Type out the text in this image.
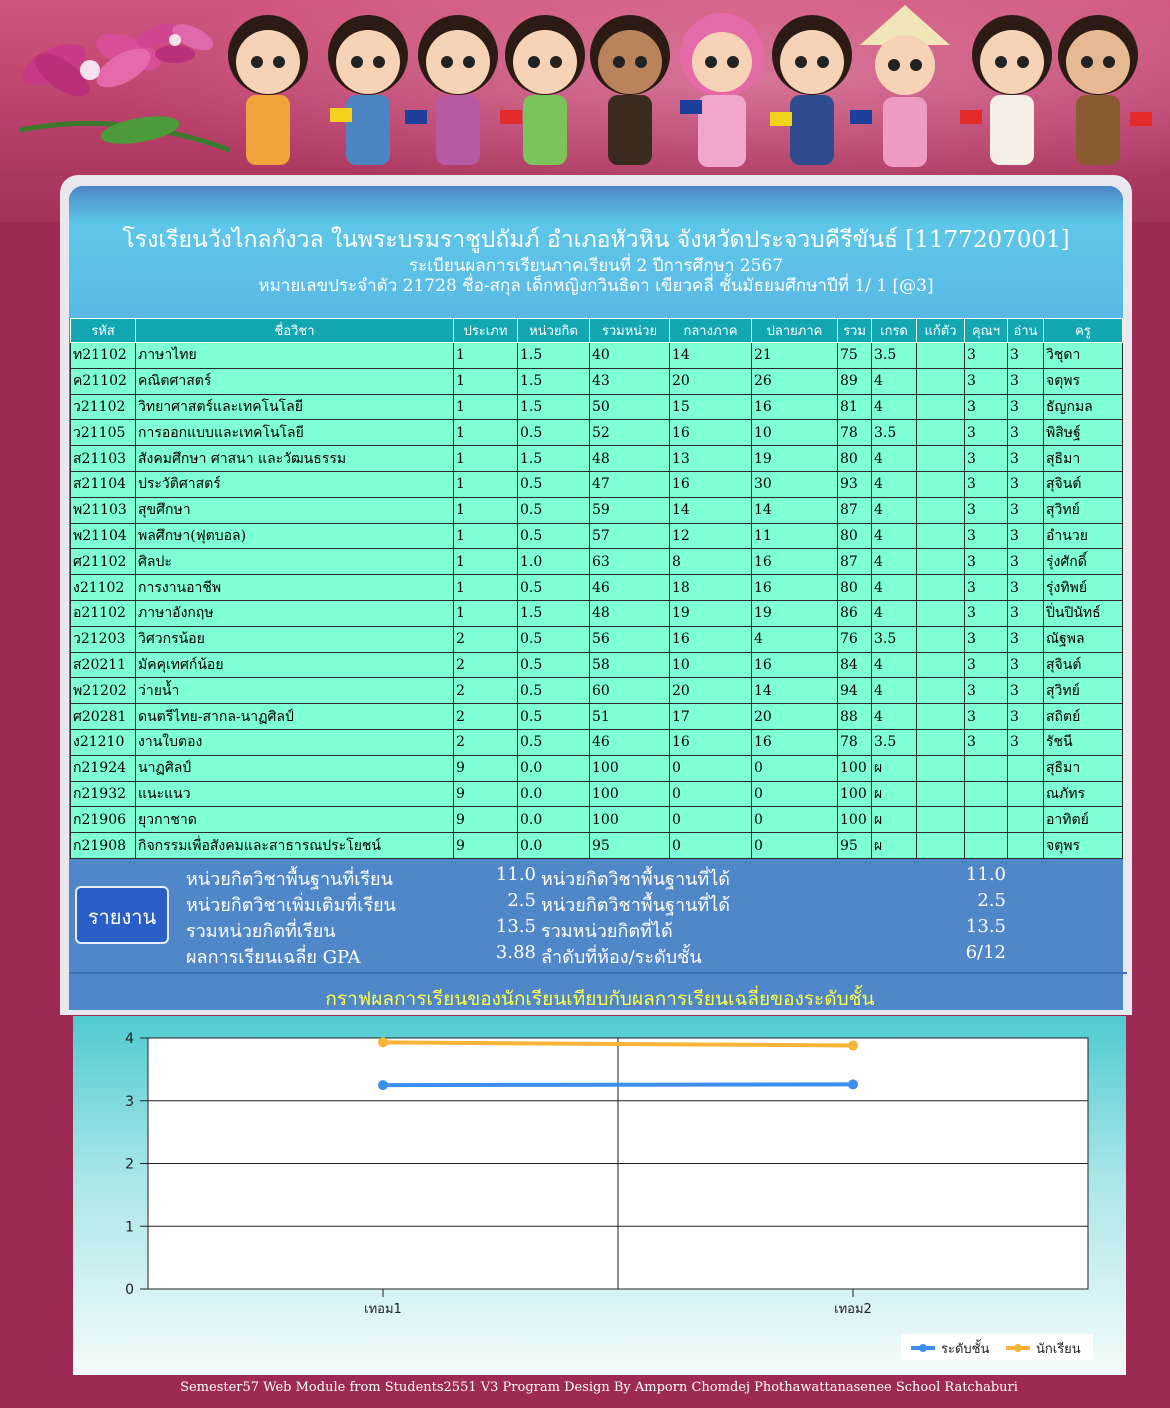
โรงเรียนวังไกลกังวล ในพระบรมราชูปถัมภ์ อำเภอหัวหิน จังหวัดประจวบคีรีขันธ์ [1177207001]
ระเบียนผลการเรียนภาคเรียนที่ 2 ปีการศึกษา 2567
หมายเลขประจำตัว 21728 ชื่อ-สกุล เด็กหญิงกวินธิดา เขียวคลี่ ชั้นมัธยมศึกษาปีที่ 1/ 1 [@3]
รหัส	ชื่อวิชา	ประเภท	หน่วยกิต	รวมหน่วย	กลางภาค	ปลายภาค	รวม	เกรด	แก้ตัว	คุณฯ	อ่าน	ครู
ท21102	ภาษาไทย	1	1.5	40	14	21	75	3.5		3	3	วิชุดา
ค21102	คณิตศาสตร์	1	1.5	43	20	26	89	4		3	3	จตุพร
ว21102	วิทยาศาสตร์และเทคโนโลยี	1	1.5	50	15	16	81	4		3	3	ธัญกมล
ว21105	การออกแบบและเทคโนโลยี	1	0.5	52	16	10	78	3.5		3	3	พิสิษฐ์
ส21103	สังคมศึกษา ศาสนา และวัฒนธรรม	1	1.5	48	13	19	80	4		3	3	สุธิมา
ส21104	ประวัติศาสตร์	1	0.5	47	16	30	93	4		3	3	สุจินต์
พ21103	สุขศึกษา	1	0.5	59	14	14	87	4		3	3	สุวิทย์
พ21104	พลศึกษา(ฟุตบอล)	1	0.5	57	12	11	80	4		3	3	อำนวย
ศ21102	ศิลปะ	1	1.0	63	8	16	87	4		3	3	รุ่งศักดิ์
ง21102	การงานอาชีพ	1	0.5	46	18	16	80	4		3	3	รุ่งทิพย์
อ21102	ภาษาอังกฤษ	1	1.5	48	19	19	86	4		3	3	ปิ่นปินัทธ์
ว21203	วิศวกรน้อย	2	0.5	56	16	4	76	3.5		3	3	ณัฐพล
ส20211	มัคคุเทศก์น้อย	2	0.5	58	10	16	84	4		3	3	สุจินต์
พ21202	ว่ายน้ำ	2	0.5	60	20	14	94	4		3	3	สุวิทย์
ศ20281	ดนตรีไทย-สากล-นาฏศิลป์	2	0.5	51	17	20	88	4		3	3	สถิตย์
ง21210	งานใบตอง	2	0.5	46	16	16	78	3.5		3	3	รัชนี
ก21924	นาฏศิลป์	9	0.0	100	0	0	100	ผ				สุธิมา
ก21932	แนะแนว	9	0.0	100	0	0	100	ผ				ณภัทร
ก21906	ยุวกาชาด	9	0.0	100	0	0	100	ผ				อาทิตย์
ก21908	กิจกรรมเพื่อสังคมและสาธารณประโยชน์	9	0.0	95	0	0	95	ผ				จตุพร
รายงาน
หน่วยกิตวิชาพื้นฐานที่เรียน	11.0 หน่วยกิตวิชาพื้นฐานที่ได้	11.0
หน่วยกิตวิชาเพิ่มเติมที่เรียน	2.5 หน่วยกิตวิชาพื้นฐานที่ได้	2.5
รวมหน่วยกิตที่เรียน	13.5 รวมหน่วยกิตที่ได้	13.5
ผลการเรียนเฉลี่ย GPA	3.88 ลำดับที่ห้อง/ระดับชั้น	6/12
กราฟผลการเรียนของนักเรียนเทียบกับผลการเรียนเฉลี่ยของระดับชั้น
0
1
2
3
4
เทอม1	เทอม2
ระดับชั้น	นักเรียน
Semester57 Web Module from Students2551 V3 Program Design By Amporn Chomdej Phothawattanasenee School Ratchaburi
